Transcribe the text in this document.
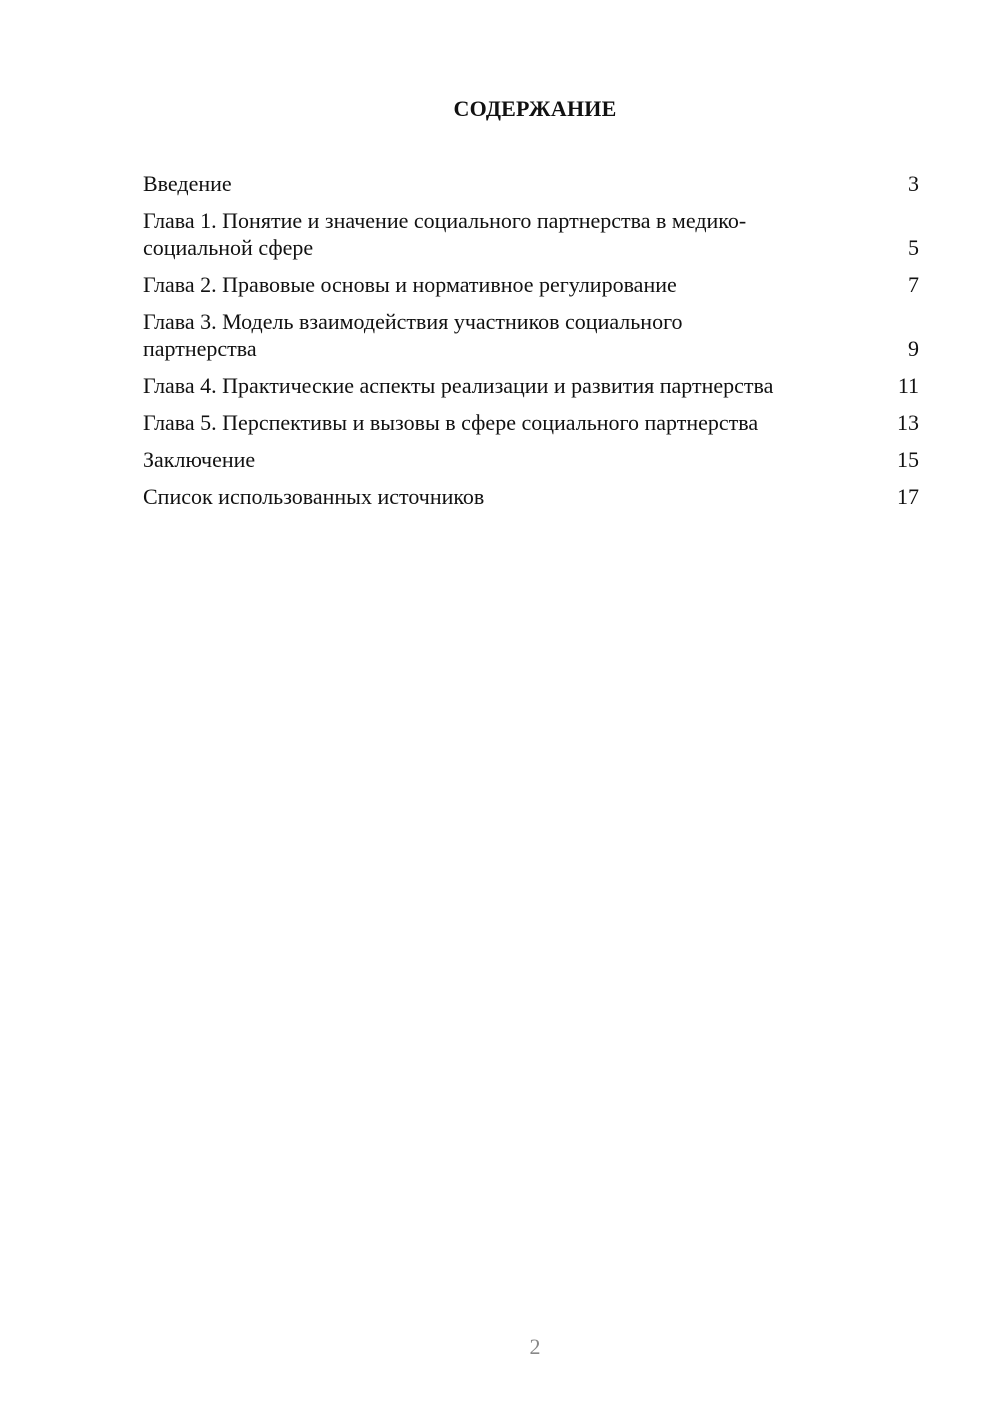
СОДЕРЖАНИЕ
Введение	3
Глава 1. Понятие и значение социального партнерства в медико-социальной сфере	5
Глава 2. Правовые основы и нормативное регулирование	7
Глава 3. Модель взаимодействия участников социального партнерства	9
Глава 4. Практические аспекты реализации и развития партнерства	11
Глава 5. Перспективы и вызовы в сфере социального партнерства	13
Заключение	15
Список использованных источников	17
2
